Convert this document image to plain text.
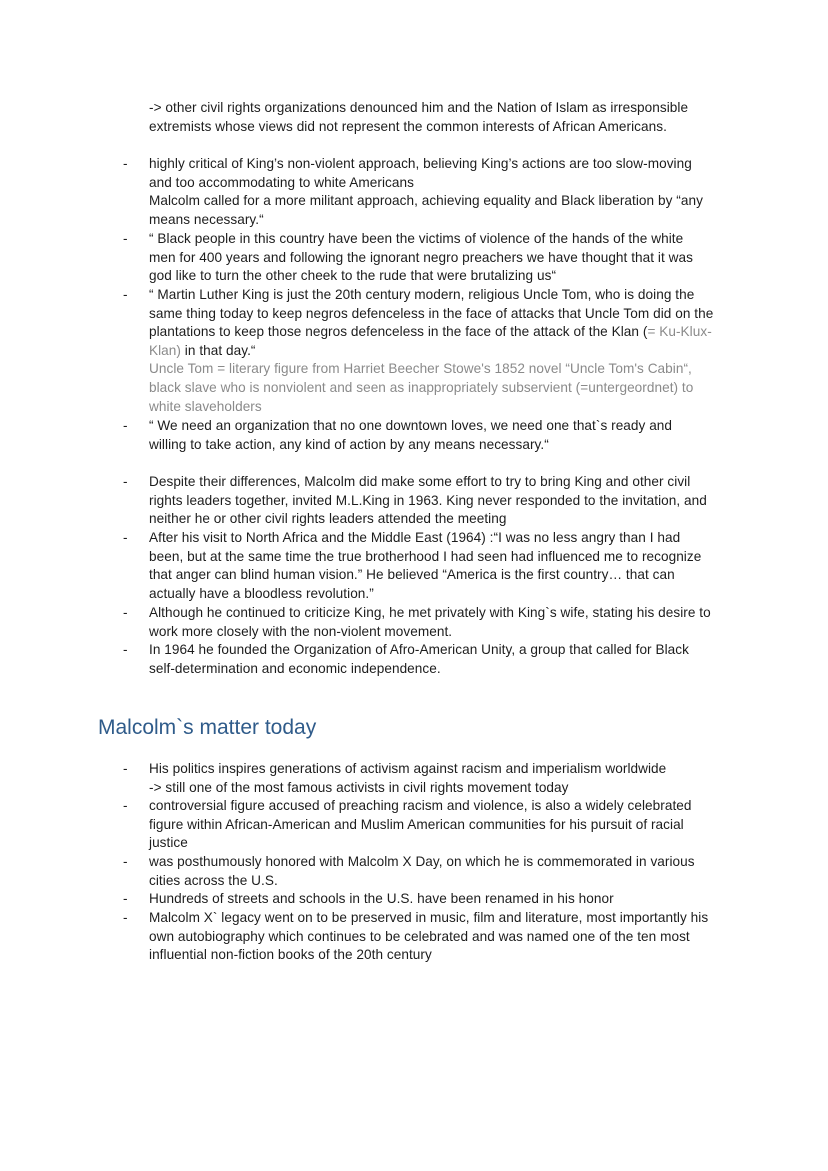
-> other civil rights organizations denounced him and the Nation of Islam as irresponsible
extremists whose views did not represent the common interests of African Americans.
-	highly critical of King’s non-violent approach, believing King’s actions are too slow-moving
and too accommodating to white Americans
Malcolm called for a more militant approach, achieving equality and Black liberation by “any
means necessary.“
-	“ Black people in this country have been the victims of violence of the hands of the white
men for 400 years and following the ignorant negro preachers we have thought that it was
god like to turn the other cheek to the rude that were brutalizing us“
-	“ Martin Luther King is just the 20th century modern, religious Uncle Tom, who is doing the
same thing today to keep negros defenceless in the face of attacks that Uncle Tom did on the
plantations to keep those negros defenceless in the face of the attack of the Klan (= Ku-Klux-
Klan) in that day.“
Uncle Tom = literary figure from Harriet Beecher Stowe's 1852 novel “Uncle Tom's Cabin“,
black slave who is nonviolent and seen as inappropriately subservient (=untergeordnet) to
white slaveholders
-	“ We need an organization that no one downtown loves, we need one that`s ready and
willing to take action, any kind of action by any means necessary.“
-	Despite their differences, Malcolm did make some effort to try to bring King and other civil
rights leaders together, invited M.L.King in 1963. King never responded to the invitation, and
neither he or other civil rights leaders attended the meeting
-	After his visit to North Africa and the Middle East (1964) :“I was no less angry than I had
been, but at the same time the true brotherhood I had seen had influenced me to recognize
that anger can blind human vision.” He believed “America is the first country… that can
actually have a bloodless revolution.”
-	Although he continued to criticize King, he met privately with King`s wife, stating his desire to
work more closely with the non-violent movement.
-	In 1964 he founded the Organization of Afro-American Unity, a group that called for Black
self-determination and economic independence.
Malcolm`s matter today
-	His politics inspires generations of activism against racism and imperialism worldwide
-> still one of the most famous activists in civil rights movement today
-	controversial figure accused of preaching racism and violence, is also a widely celebrated
figure within African-American and Muslim American communities for his pursuit of racial
justice
-	was posthumously honored with Malcolm X Day, on which he is commemorated in various
cities across the U.S.
-	Hundreds of streets and schools in the U.S. have been renamed in his honor
-	Malcolm X` legacy went on to be preserved in music, film and literature, most importantly his
own autobiography which continues to be celebrated and was named one of the ten most
influential non-fiction books of the 20th century
